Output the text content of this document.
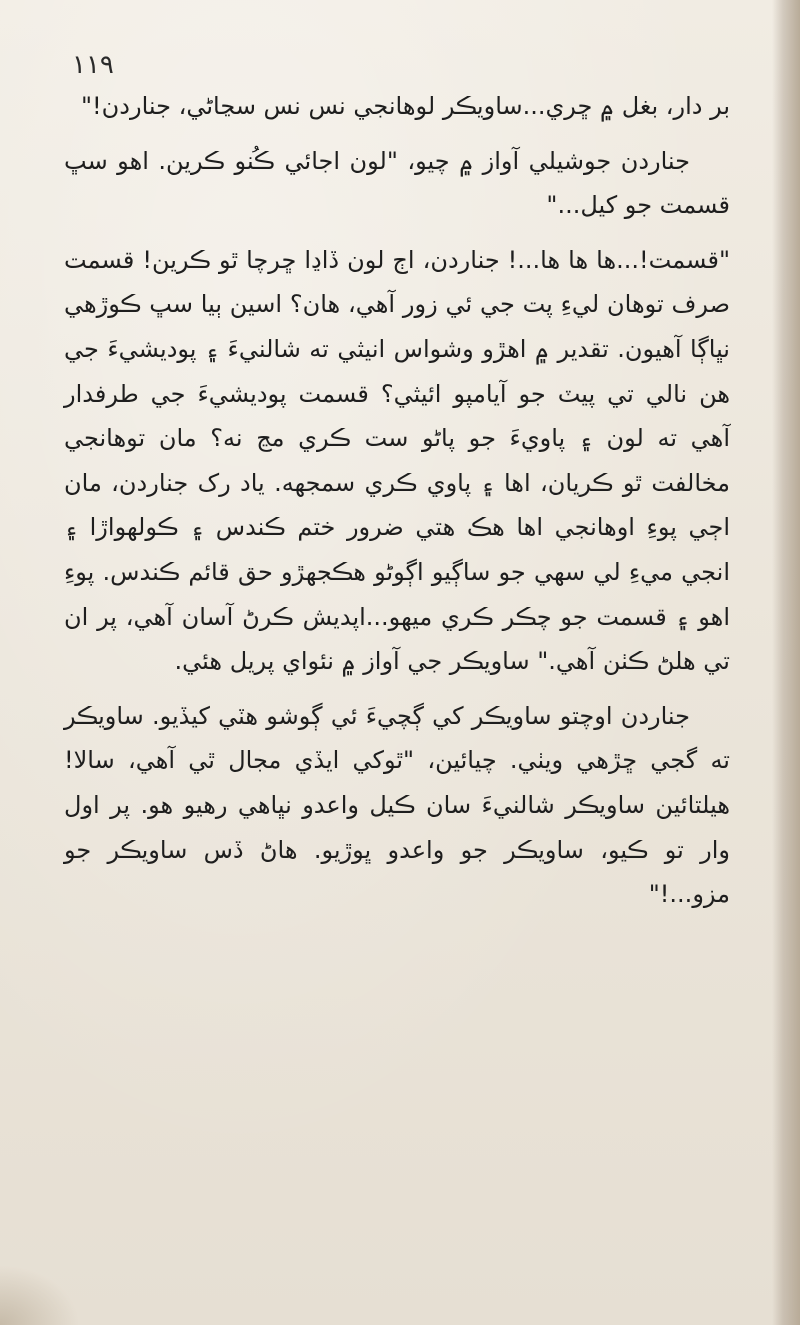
١١٩

بر دار، بغل ۾ ڇري...ساويڪر لوهانجي نس نس سڃاڻي، جناردن!"

جناردن جوشيلي آواز ۾ چيو، "لون اجائي ڪُنو ڪرين. اهو سڀ قسمت جو کيل..."

"قسمت!...ها ها ها...! جناردن، اڄ لون ڏاڍا ڇرچا ٿو ڪرين! قسمت صرف توهان ليءِ پت جي ئي زور آهي، هان؟ اسين ٻيا سڀ ڪوڙهي نڀاڳا آهيون. تقدير ۾ اهڙو وشواس انيثي ته شالنيءَ ۽ پوديشيءَ جي هن نالي تي پيٽ جو آيامپو ائيثي؟ قسمت پوديشيءَ جي طرفدار آهي ته لون ۽ پاويءَ جو پاڻو ست ڪري مڃ نه؟ مان توهانجي مخالفت ٿو ڪريان، اها ۽ پاوي ڪري سمجهه. ياد رک جناردن، مان اڄي پوءِ اوهانجي اها هڪ هتي ضرور ختم ڪندس ۽ ڪولهواڙا ۽ انجي ميءِ لي سهي جو ساڳيو اڳوڻو هڪجهڙو حق قائم ڪندس. پوءِ اهو ۽ قسمت جو چڪر ڪري ميهو...اپديش ڪرڻ آسان آهي، پر ان تي هلڻ ڪٺن آهي." ساويڪر جي آواز ۾ نئواي پريل هئي.

جناردن اوچتو ساويڪر کي ڳچيءَ ئي ڳوشو هٽي کيڏيو. ساويڪر ته گجي ڇڙهي ويٺي. چيائين، "ٿوکي ايڏي مجال ٿي آهي، سالا! هيلتائين ساويڪر شالنيءَ سان ڪيل واعدو نڀاهي رهيو هو. پر اول وار تو ڪيو، ساويڪر جو واعدو ڀوڙيو. هاڻ ڏس ساويڪر جو مزو...!"
